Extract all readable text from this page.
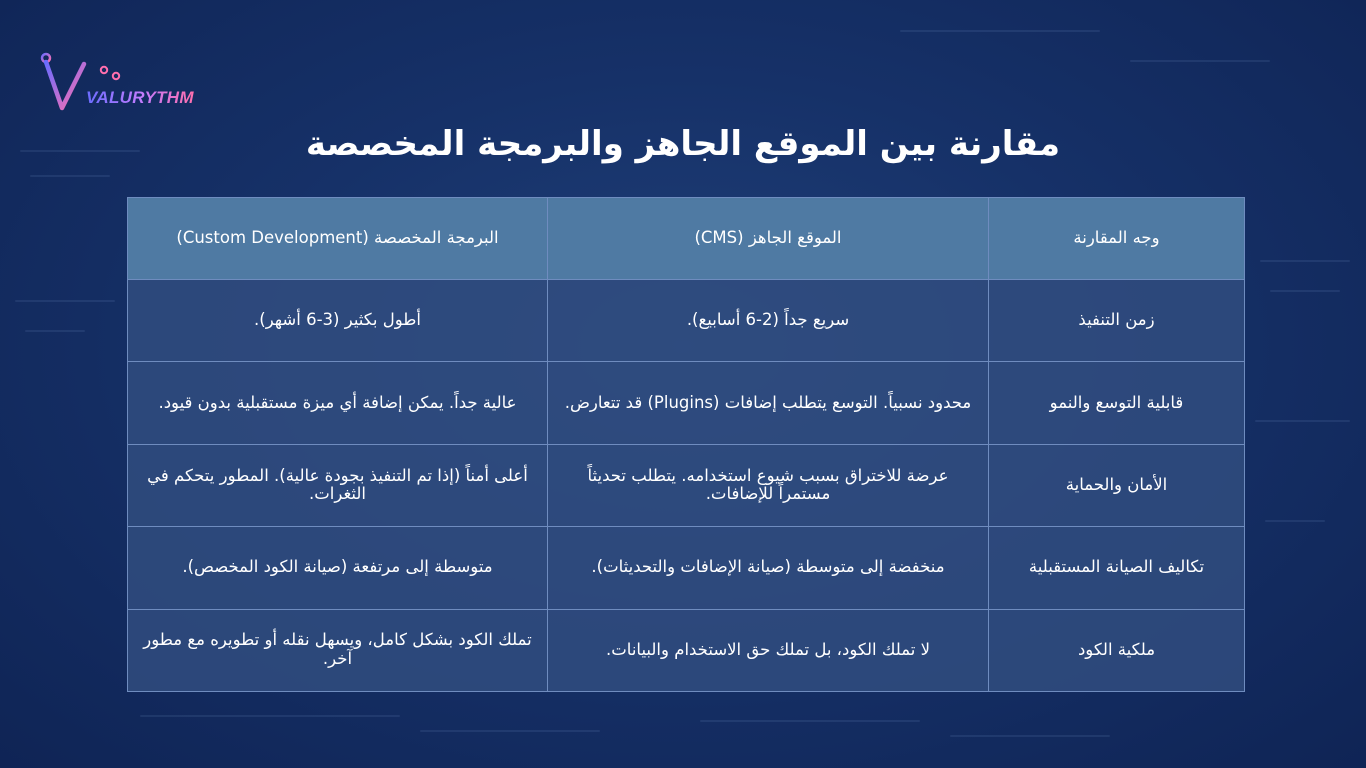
VALURYTHM
مقارنة بين الموقع الجاهز والبرمجة المخصصة
وجه المقارنة	الموقع الجاهز (CMS)	البرمجة المخصصة (Custom Development)
زمن التنفيذ	سريع جداً (2-6 أسابيع).	أطول بكثير (3-6 أشهر).
قابلية التوسع والنمو	محدود نسبياً. التوسع يتطلب إضافات (Plugins) قد تتعارض.	عالية جداً. يمكن إضافة أي ميزة مستقبلية بدون قيود.
الأمان والحماية	عرضة للاختراق بسبب شيوع استخدامه. يتطلب تحديثاً مستمراً للإضافات.	أعلى أمناً (إذا تم التنفيذ بجودة عالية). المطور يتحكم في الثغرات.
تكاليف الصيانة المستقبلية	منخفضة إلى متوسطة (صيانة الإضافات والتحديثات).	متوسطة إلى مرتفعة (صيانة الكود المخصص).
ملكية الكود	لا تملك الكود، بل تملك حق الاستخدام والبيانات.	تملك الكود بشكل كامل، ويسهل نقله أو تطويره مع مطور آخر.
